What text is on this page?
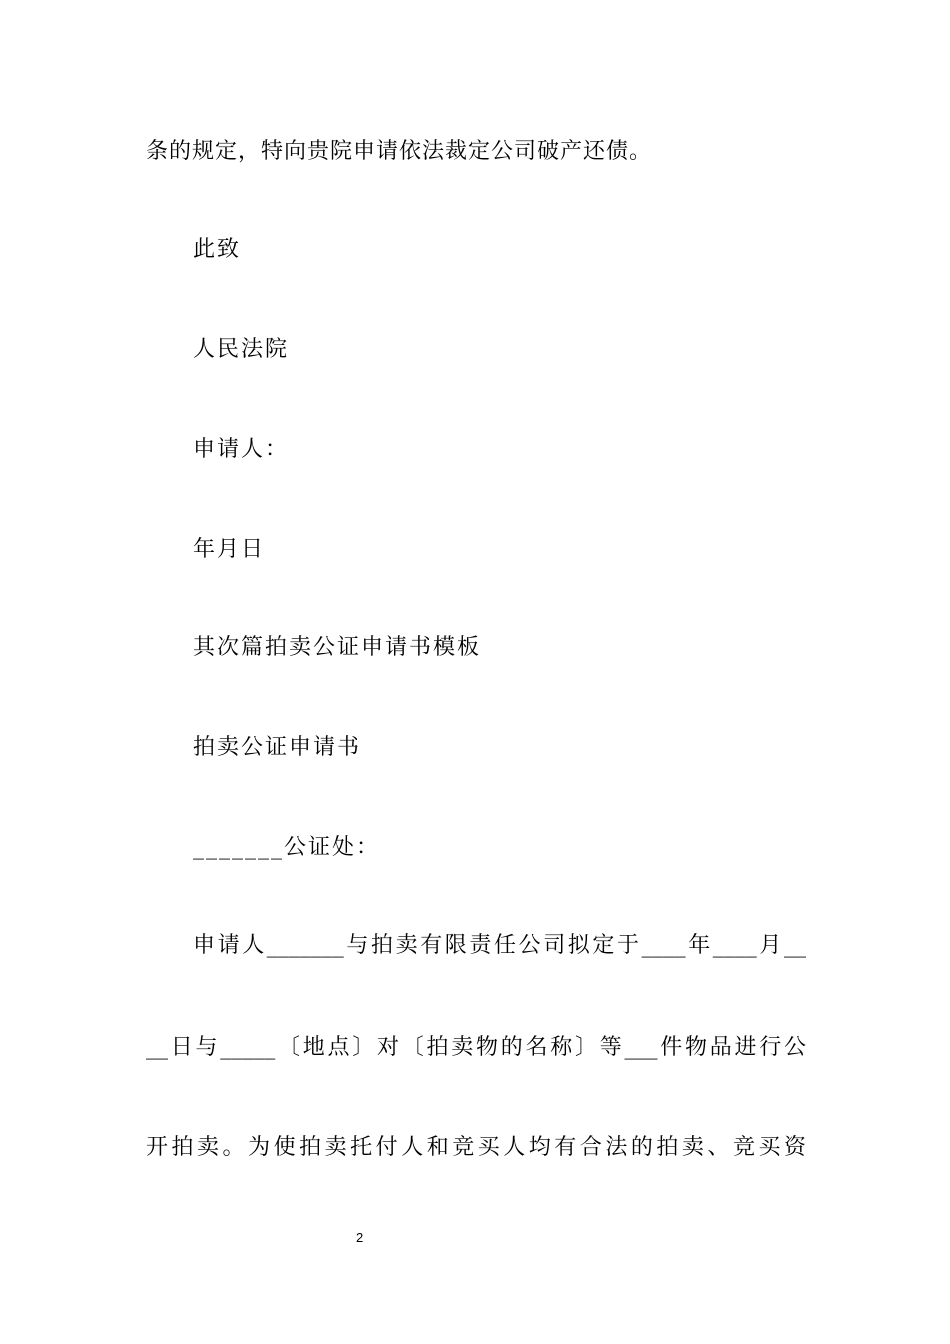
条的规定，特向贵院申请依法裁定公司破产还债。
此致
人民法院
申请人：
年月日
其次篇拍卖公证申请书模板
拍卖公证申请书
_______公证处：
申请人_______与拍卖有限责任公司拟定于____年____月__
__日与_____〔地点〕对〔拍卖物的名称〕等___件物品进行公
开拍卖。为使拍卖托付人和竞买人均有合法的拍卖、竞买资
2
